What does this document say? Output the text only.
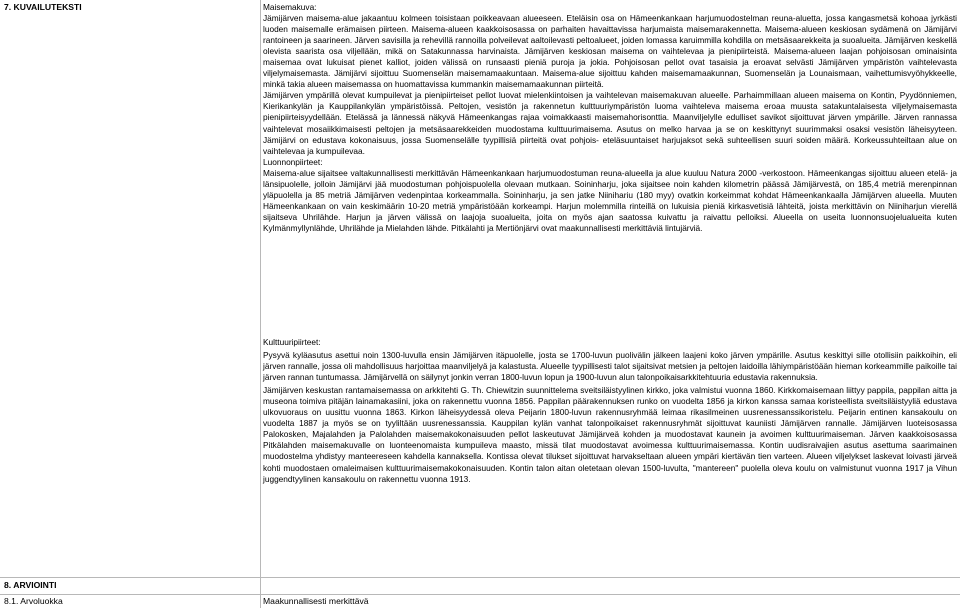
7. KUVAILUTEKSTI	Maisemakuva:

Jämijärven maisema-alue jakaantuu kolmeen toisistaan poikkeavaan alueeseen. Eteläisin osa on Hämeenkankaan harjumuodostelman reuna-aluetta, jossa kangasmetsä kohoaa jyrkästi luoden maisemalle erämaisen piirteen. Maisema-alueen kaakkoisosassa on parhaiten havaittavissa harjumaista maisemarakennetta. Maisema-alueen keskiosan sydämenä on Jämijärvi rantoineen ja saarineen. Järven savisilla ja rehevillä rannoilla polveilevat aaltoilevasti peltoalueet, joiden lomassa karuimmilla kohdilla on metsäsaarekkeita ja suoalueita. Jämijärven keskellä olevista saarista osa viljellään, mikä on Satakunnassa harvinaista. Jämijärven keskiosan maisema on vaihtelevaa ja pienipiirteistä. Maisema-alueen laajan pohjoisosan ominaisinta maisemaa ovat lukuisat pienet kalliot, joiden välissä on runsaasti pieniä puroja ja jokia. Pohjoisosan pellot ovat tasaisia ja eroavat selvästi Jämijärven ympäristön vaihtelevasta viljelymaisemasta. Jämijärvi sijoittuu Suomenselän maisemamaakuntaan. Maisema-alue sijoittuu kahden maisemamaakunnan, Suomenselän ja Lounaismaan, vaihettumisvyöhykkeelle, minkä takia alueen maisemassa on huomattavissa kummankin maisemamaakunnan piirteitä.

Jämijärven ympärillä olevat kumpuilevat ja pienipiirteiset pellot luovat mielenkiintoisen ja vaihtelevan maisemakuvan alueelle. Parhaimmillaan alueen maisema on Kontin, Pyydönniemen, Kierikankylän ja Kauppilankylän ympäristöissä. Peltojen, vesistön ja rakennetun kulttuuriympäristön luoma vaihteleva maisema eroaa muusta satakuntalaisesta viljelymaisemasta pienipiirteisyydellään. Etelässä ja lännessä näkyvä Hämeenkangas rajaa voimakkaasti maisemahorisonttia. Maanviljelylle edulliset savikot sijoittuvat järven ympärille. Järven rannassa vaihtelevat mosaiikkimaisesti peltojen ja metsäsaarekkeiden muodostama kulttuurimaisema. Asutus on melko harvaa ja se on keskittynyt suurimmaksi osaksi vesistön läheisyyteen. Jämijärvi on edustava kokonaisuus, jossa Suomenselälle tyypillisiä piirteitä ovat pohjois- eteläsuuntaiset harjujaksot sekä suhteellisen suuri soiden määrä. Korkeussuhteiltaan alue on vaihtelevaa ja kumpuilevaa.

Luonnonpiirteet:

Maisema-alue sijaitsee valtakunnallisesti merkittävän Hämeenkankaan harjumuodostuman reuna-alueella ja alue kuuluu Natura 2000 -verkostoon. Hämeenkangas sijoittuu alueen etelä- ja länsipuolelle, jolloin Jämijärvi jää muodostuman pohjoispuolella olevaan mutkaan. Soininharju, joka sijaitsee noin kahden kilometrin päässä Jämijärvestä, on 185,4 metriä merenpinnan yläpuolella ja 85 metriä Jämijärven vedenpintaa korkeammalla. Soininharju, ja sen jatke Niinihariu (180 myy) ovatkin korkeimmat kohdat Hämeenkankaalla Jämijärven alueella. Muuten Hämeenkankaan on vain keskimäärin 10-20 metriä ympäristöään korkeampi. Harjun molemmilla rinteillä on lukuisia pieniä kirkasvetisiä lähteitä, joista merkittävin on Niiniharjun vierellä sijaitseva Uhrilähde. Harjun ja järven välissä on laajoja suoalueita, joita on myös ajan saatossa kuivattu ja raivattu pelloiksi. Alueella on useita luonnonsuojelualueita kuten Kylmänmyllynlähde, Uhrilähde ja Mielahden lähde. Pitkälahti ja Mertiönjärvi ovat maakunnallisesti merkittäviä lintujärviä.

Kulttuuripiirteet:

Pysyvä kyläasutus asettui noin 1300-luvulla ensin Jämijärven itäpuolelle, josta se 1700-luvun puolivälin jälkeen laajeni koko järven ympärille. Asutus keskittyi sille otollisiin paikkoihin, eli järven rannalle, jossa oli mahdollisuus harjoittaa maanviljelyä ja kalastusta. Alueelle tyypillisesti talot sijaitsivat metsien ja peltojen laidoilla lähiympäristöään hieman korkeammille paikoille tai järven rannan tuntumassa. Jämijärvellä on säilynyt jonkin verran 1800-luvun lopun ja 1900-luvun alun talonpoikaisarkkitehtuuria edustavia rakennuksia.

Jämijärven keskustan rantamaisemassa on arkkitehti G. Th. Chiewitzin suunnittelema sveitsiläistyylinen kirkko, joka valmistui vuonna 1860. Kirkkomaisemaan liittyy pappila, pappilan aitta ja museona toimiva pitäjän lainamakasiini, joka on rakennettu vuonna 1856. Pappilan päärakennuksen runko on vuodelta 1856 ja kirkon kanssa samaa koristeellista sveitsiläistyyliä edustava ulkovuoraus on uusittu vuonna 1863. Kirkon läheisyydessä oleva Peijarin 1800-luvun rakennusryhmää leimaa rikasilmeinen uusrenessanssikoristelu. Peijarin entinen kansakoulu on vuodelta 1887 ja myös se on tyyliltään uusrenessanssia. Kauppilan kylän vanhat talonpoikaiset rakennusryhmät sijoittuvat kauniisti Jämijärven rannalle. Jämijärven luoteisosassa Palokosken, Majalahden ja Palolahden maisemakokonaisuuden pellot laskeutuvat Jämijärveä kohden ja muodostavat kaunein ja avoimen kulttuurimaiseman. Järven kaakkoisosassa Pitkälahden maisemakuvalle on luonteenomaista kumpuileva maasto, missä tilat muodostavat avoimessa kulttuurimaisemassa. Kontin uudisraivajien asutus asettuma saarimainen muodostelma yhdistyy manteereseen kahdella kannaksella. Kontissa olevat tilukset sijoittuvat harvakseltaan alueen ympäri kiertävän tien varteen. Alueen viljelykset laskevat loivasti järveä kohti muodostaen omaleimaisen kulttuurimaisemakokonaisuuden. Kontin talon aitan oletetaan olevan 1500-luvulta, "mantereen" puolella oleva koulu on valmistunut vuonna 1917 ja Vihun juggendtyylinen kansakoulu on rakennettu vuonna 1913.

8. ARVIOINTI
8.1. Arvoluokka	Maakunnallisesti merkittävä
